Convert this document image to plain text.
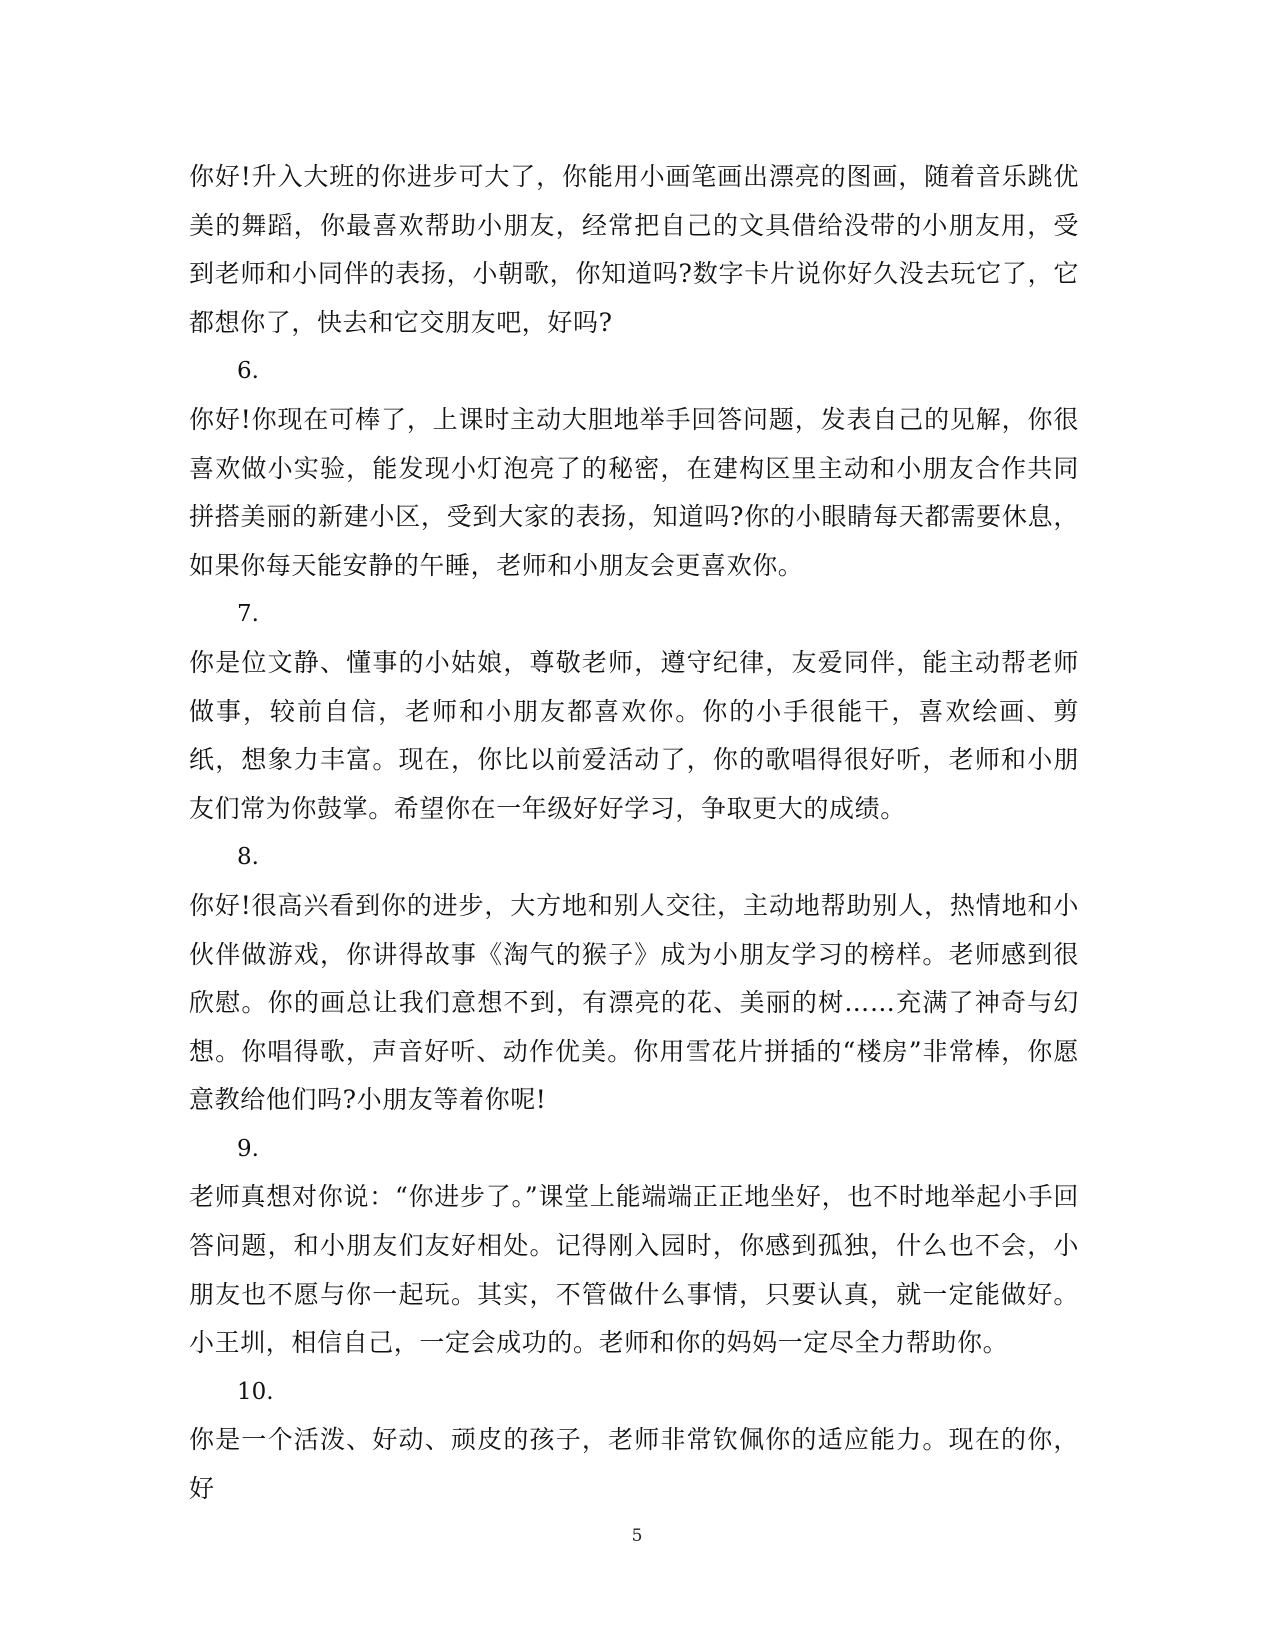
你好!升入大班的你进步可大了，你能用小画笔画出漂亮的图画，随着音乐跳优美的舞蹈，你最喜欢帮助小朋友，经常把自己的文具借给没带的小朋友用，受到老师和小同伴的表扬，小朝歌，你知道吗?数字卡片说你好久没去玩它了，它都想你了，快去和它交朋友吧，好吗?

6.

你好!你现在可棒了，上课时主动大胆地举手回答问题，发表自己的见解，你很喜欢做小实验，能发现小灯泡亮了的秘密，在建构区里主动和小朋友合作共同拼搭美丽的新建小区，受到大家的表扬，知道吗?你的小眼睛每天都需要休息，如果你每天能安静的午睡，老师和小朋友会更喜欢你。

7.

你是位文静、懂事的小姑娘，尊敬老师，遵守纪律，友爱同伴，能主动帮老师做事，较前自信，老师和小朋友都喜欢你。你的小手很能干，喜欢绘画、剪纸，想象力丰富。现在，你比以前爱活动了，你的歌唱得很好听，老师和小朋友们常为你鼓掌。希望你在一年级好好学习，争取更大的成绩。

8.

你好!很高兴看到你的进步，大方地和别人交往，主动地帮助别人，热情地和小伙伴做游戏，你讲得故事《淘气的猴子》成为小朋友学习的榜样。老师感到很欣慰。你的画总让我们意想不到，有漂亮的花、美丽的树……充满了神奇与幻想。你唱得歌，声音好听、动作优美。你用雪花片拼插的“楼房”非常棒，你愿意教给他们吗?小朋友等着你呢!

9.

老师真想对你说：“你进步了。”课堂上能端端正正地坐好，也不时地举起小手回答问题，和小朋友们友好相处。记得刚入园时，你感到孤独，什么也不会，小朋友也不愿与你一起玩。其实，不管做什么事情，只要认真，就一定能做好。小王圳，相信自己，一定会成功的。老师和你的妈妈一定尽全力帮助你。

10.

你是一个活泼、好动、顽皮的孩子，老师非常钦佩你的适应能力。现在的你，好

5
